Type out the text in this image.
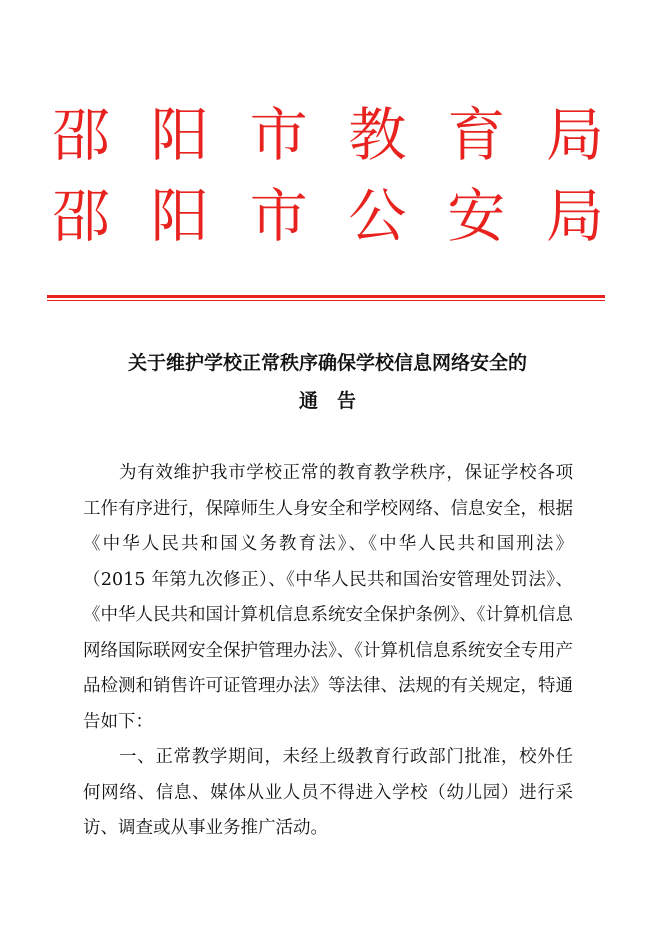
邵 阳 市 教 育 局
邵 阳 市 公 安 局
关于维护学校正常秩序确保学校信息网络安全的
通　告

为有效维护我市学校正常的教育教学秩序，保证学校各项工作有序进行，保障师生人身安全和学校网络、信息安全，根据《中华人民共和国义务教育法》、《中华人民共和国刑法》（2015 年第九次修正）、《中华人民共和国治安管理处罚法》、《中华人民共和国计算机信息系统安全保护条例》、《计算机信息网络国际联网安全保护管理办法》、《计算机信息系统安全专用产品检测和销售许可证管理办法》等法律、法规的有关规定，特通告如下：

一、正常教学期间，未经上级教育行政部门批准，校外任何网络、信息、媒体从业人员不得进入学校（幼儿园）进行采访、调查或从事业务推广活动。
